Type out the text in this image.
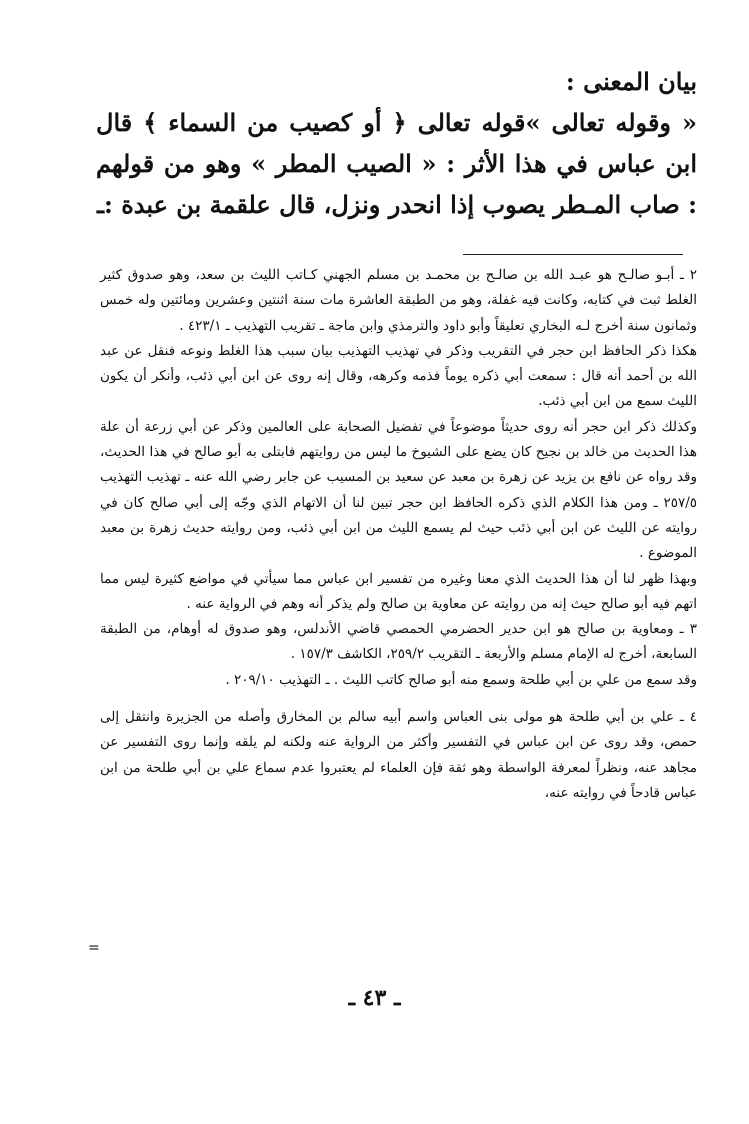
بيان المعنى :

« وقوله تعالى »قوله تعالى ﴿ أو كصيب من السماء ﴾ قال ابن عباس في هذا الأثر : « الصيب المطر » وهو من قولهم : صاب المـطر يصوب إذا انحدر ونزل، قال علقمة بن عبدة :ـ

٢ ـ أبـو صالـح هو عبـد الله بن صالـح بن محمـد بن مسلم الجهني كـاتب الليث بن سعد، وهو صدوق كثير الغلط ثبت في كتابه، وكانت فيه غفلة، وهو من الطبقة العاشرة مات سنة اثنتين وعشرين ومائتين وله خمس وثمانون سنة أخرج لـه البخاري تعليقاً وأبو داود والترمذي وابن ماجة ـ تقريب التهذيب ـ ٤٢٣/١ .

هكذا ذكر الحافظ ابن حجر في التقريب وذكر في تهذيب التهذيب بيان سبب هذا الغلط ونوعه فنقل عن عبد الله بن أحمد أنه قال : سمعت أبي ذكره يوماً فذمه وكرهه، وقال إنه روى عن ابن أبي ذئب، وأنكر أن يكون الليث سمع من ابن أبي ذئب.

وكذلك ذكر ابن حجر أنه روى حديثاً موضوعاً في تفضيل الصحابة على العالمين وذكر عن أبي زرعة أن علة هذا الحديث من خالد بن نجيح كان يضع على الشيوخ ما ليس من روايتهم فابتلى به أبو صالح في هذا الحديث، وقد رواه عن نافع بن يزيد عن زهرة بن معبد عن سعيد بن المسيب عن جابر رضي الله عنه ـ تهذيب التهذيب ٢٥٧/٥ ـ ومن هذا الكلام الذي ذكره الحافظ ابن حجر تبين لنا أن الاتهام الذي وجّه إلى أبي صالح كان في روايته عن الليث عن ابن أبي ذئب حيث لم يسمع الليث من ابن أبي ذئب، ومن روايته حديث زهرة بن معبد الموضوع .

وبهذا ظهر لنا أن هذا الحديث الذي معنا وغيره من تفسير ابن عباس مما سيأتي في مواضع كثيرة ليس مما اتهم فيه أبو صالح حيث إنه من روايته عن معاوية بن صالح ولم يذكر أنه وهم في الرواية عنه .

٣ ـ ومعاوية بن صالح هو ابن حدير الحضرمي الحمصي قاضي الأندلس، وهو صدوق له أوهام، من الطبقة السابعة، أخرج له الإمام مسلم والأربعة ـ التقريب ٢٥٩/٢، الكاشف ١٥٧/٣ .

وقد سمع من علي بن أبي طلحة وسمع منه أبو صالح كاتب الليث . ـ التهذيب ٢٠٩/١٠ .

٤ ـ علي بن أبي طلحة هو مولى بنى العباس واسم أبيه سالم بن المخارق وأصله من الجزيرة وانتقل إلى حمص، وقد روى عن ابن عباس في التفسير وأكثر من الرواية عنه ولكنه لم يلقه وإنما روى التفسير عن مجاهد عنه، ونظراً لمعرفة الواسطة وهو ثقة فإن العلماء لم يعتبروا عدم سماع علي بن أبي طلحة من ابن عباس قادحاً في روايته عنه،

=
ـ ٤٣ ـ
